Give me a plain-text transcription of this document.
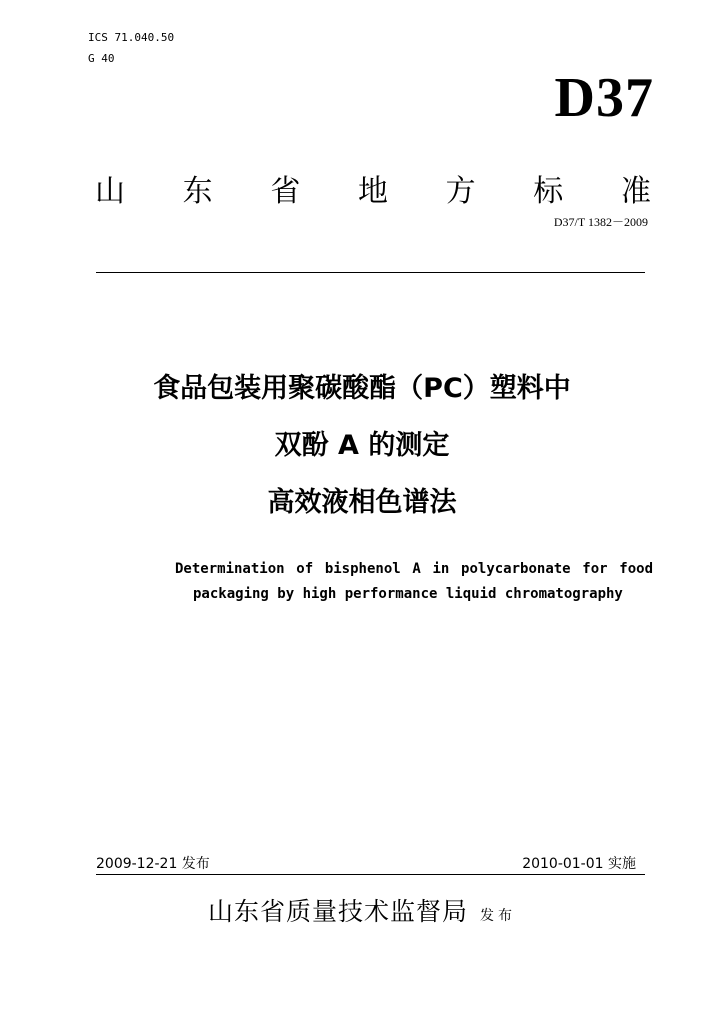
ICS 71.040.50
G 40
D37
山 东 省 地 方 标 准
D37/T 1382－2009
食品包装用聚碳酸酯（PC）塑料中
双酚 A 的测定
高效液相色谱法
Determination of bisphenol A in polycarbonate for food
packaging by high performance liquid chromatography
2009-12-21 发布	2010-01-01 实施
山东省质量技术监督局 发布
